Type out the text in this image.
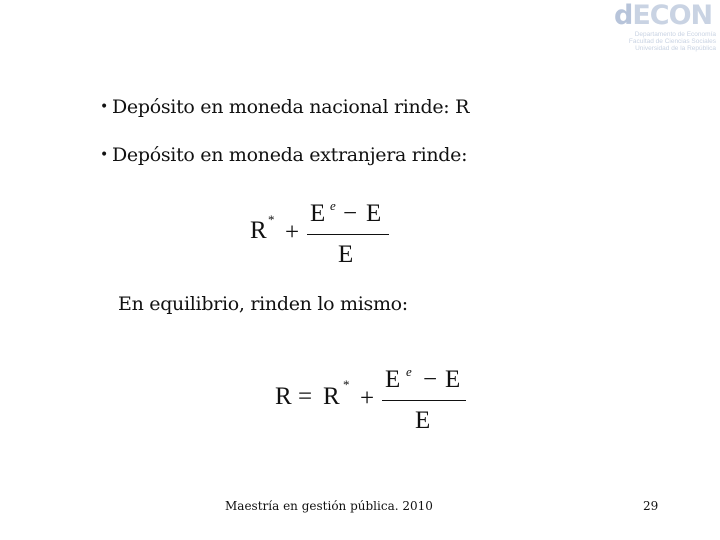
dECON
Departamento de Economía
Facultad de Ciencias Sociales
Universidad de la República
• Depósito en moneda nacional rinde: R
• Depósito en moneda extranjera rinde:
R * +
E e − E
E
En equilibrio, rinden lo mismo:
R = R *
+
E e − E
E
Maestría en gestión pública. 2010	29
